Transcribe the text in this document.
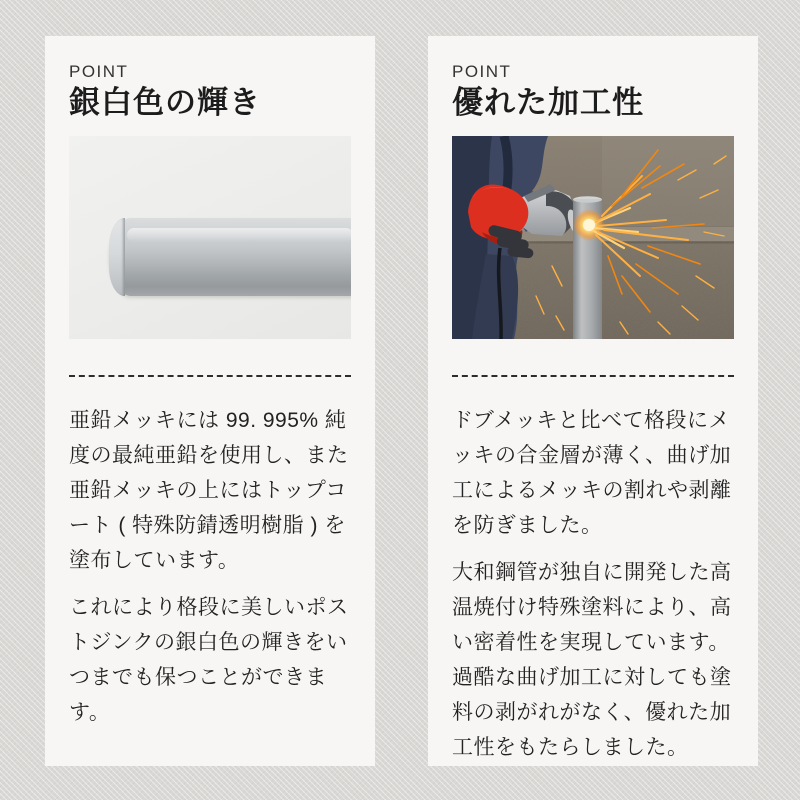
POINT
銀白色の輝き

亜鉛メッキには 99. 995% 純度の最純亜鉛を使用し、また亜鉛メッキの上にはトップコート ( 特殊防錆透明樹脂 ) を塗布しています。

これにより格段に美しいポストジンクの銀白色の輝きをいつまでも保つことができます。

POINT
優れた加工性

ドブメッキと比べて格段にメッキの合金層が薄く、曲げ加工によるメッキの割れや剥離を防ぎました。

大和鋼管が独自に開発した高温焼付け特殊塗料により、高い密着性を実現しています。過酷な曲げ加工に対しても塗料の剥がれがなく、優れた加工性をもたらしました。
